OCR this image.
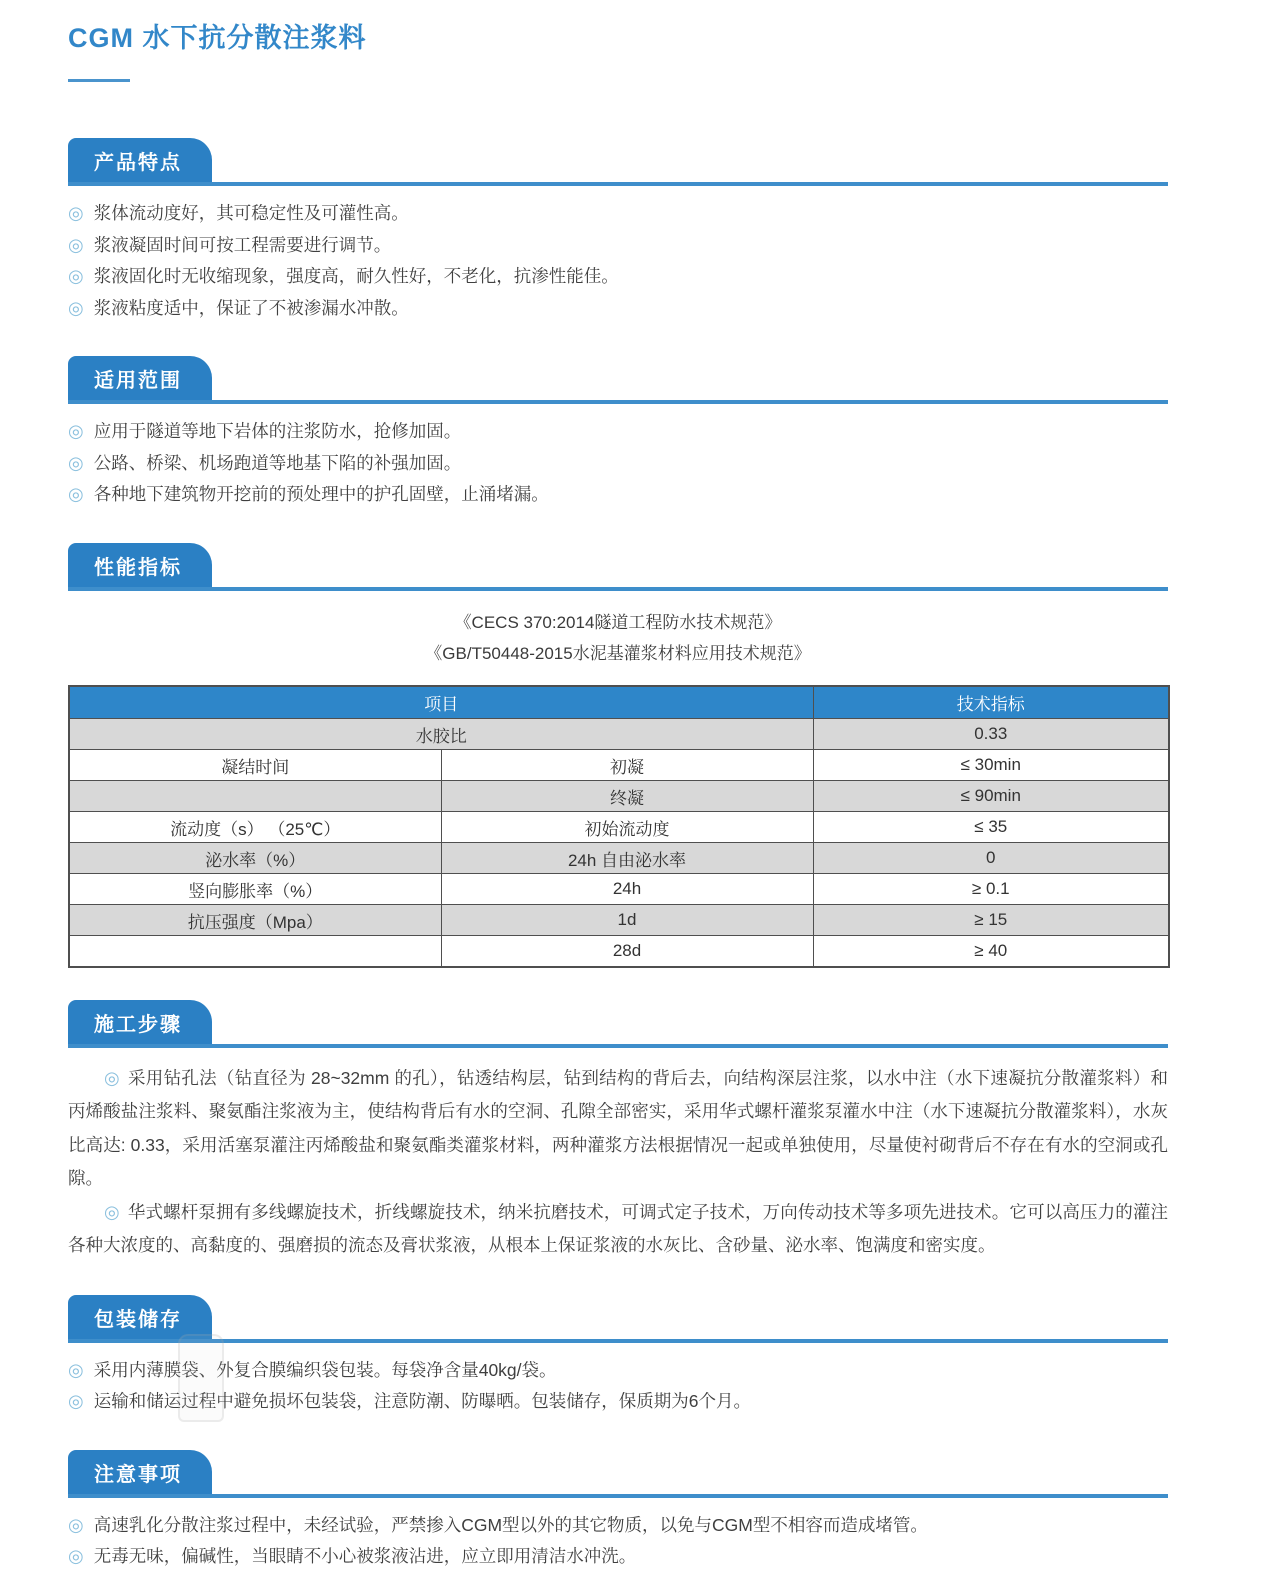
CGM 水下抗分散注浆料
产品特点
◎ 浆体流动度好，其可稳定性及可灌性高。
◎ 浆液凝固时间可按工程需要进行调节。
◎ 浆液固化时无收缩现象，强度高，耐久性好，不老化，抗渗性能佳。
◎ 浆液粘度适中，保证了不被渗漏水冲散。
适用范围
◎ 应用于隧道等地下岩体的注浆防水，抢修加固。
◎ 公路、桥梁、机场跑道等地基下陷的补强加固。
◎ 各种地下建筑物开挖前的预处理中的护孔固壁，止涌堵漏。
性能指标
《CECS 370:2014隧道工程防水技术规范》
《GB/T50448-2015水泥基灌浆材料应用技术规范》
项目		技术指标
水胶比		0.33
凝结时间	初凝	≤ 30min
	终凝	≤ 90min
流动度（s） （25℃）	初始流动度	≤ 35
泌水率（%）	24h 自由泌水率	0
竖向膨胀率（%）	24h	≥ 0.1
抗压强度（Mpa）	1d	≥ 15
	28d	≥ 40
施工步骤

◎ 采用钻孔法（钻直径为 28~32mm 的孔），钻透结构层，钻到结构的背后去，向结构深层注浆，以水中注（水下速凝抗分散灌浆料）和丙烯酸盐注浆料、聚氨酯注浆液为主，使结构背后有水的空洞、孔隙全部密实，采用华式螺杆灌浆泵灌水中注（水下速凝抗分散灌浆料），水灰比高达: 0.33，采用活塞泵灌注丙烯酸盐和聚氨酯类灌浆材料，两种灌浆方法根据情况一起或单独使用，尽量使衬砌背后不存在有水的空洞或孔隙。

◎ 华式螺杆泵拥有多线螺旋技术，折线螺旋技术，纳米抗磨技术，可调式定子技术，万向传动技术等多项先进技术。它可以高压力的灌注各种大浓度的、高黏度的、强磨损的流态及膏状浆液，从根本上保证浆液的水灰比、含砂量、泌水率、饱满度和密实度。

包装储存
◎ 采用内薄膜袋、外复合膜编织袋包装。每袋净含量40kg/袋。
◎ 运输和储运过程中避免损坏包装袋，注意防潮、防曝晒。包装储存，保质期为6个月。
注意事项
◎ 高速乳化分散注浆过程中，未经试验，严禁掺入CGM型以外的其它物质，以免与CGM型不相容而造成堵管。
◎ 无毒无味，偏碱性，当眼睛不小心被浆液沾进，应立即用清洁水冲洗。
